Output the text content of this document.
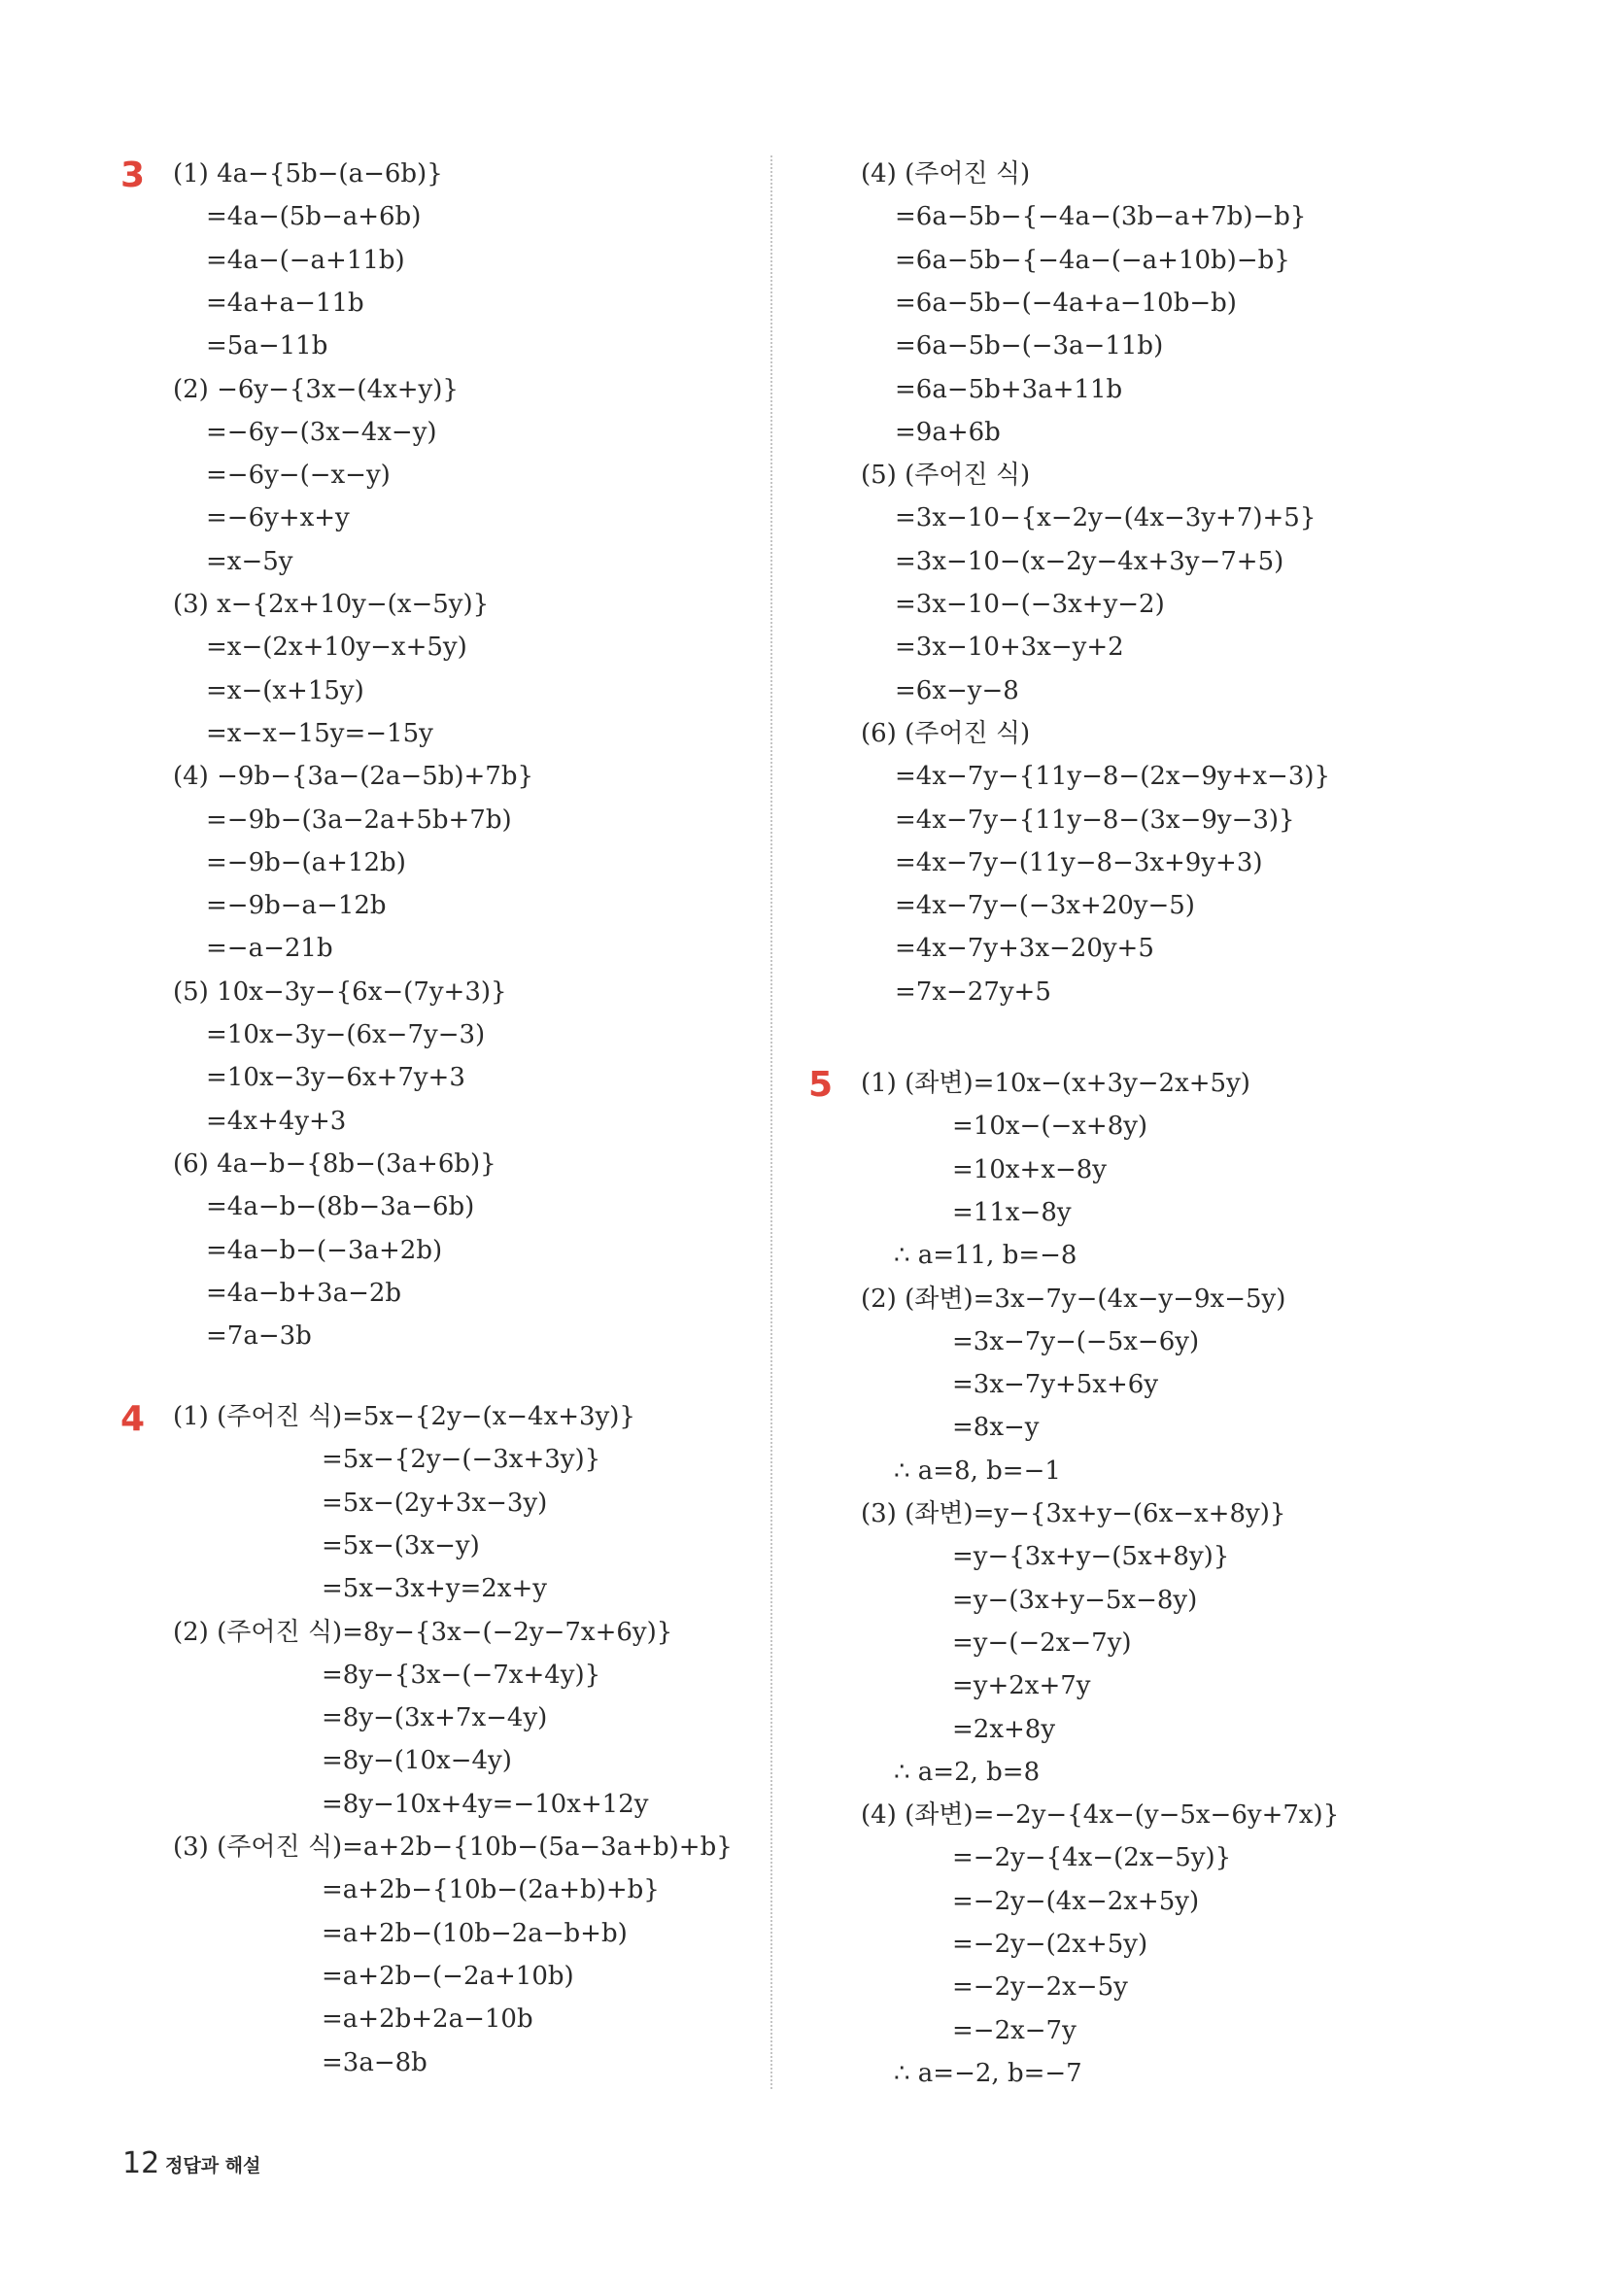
3 (1) 4a−{5b−(a−6b)}
=4a−(5b−a+6b)
=4a−(−a+11b)
=4a+a−11b
=5a−11b
(2) −6y−{3x−(4x+y)}
=−6y−(3x−4x−y)
=−6y−(−x−y)
=−6y+x+y
=x−5y
(3) x−{2x+10y−(x−5y)}
=x−(2x+10y−x+5y)
=x−(x+15y)
=x−x−15y=−15y
(4) −9b−{3a−(2a−5b)+7b}
=−9b−(3a−2a+5b+7b)
=−9b−(a+12b)
=−9b−a−12b
=−a−21b
(5) 10x−3y−{6x−(7y+3)}
=10x−3y−(6x−7y−3)
=10x−3y−6x+7y+3
=4x+4y+3
(6) 4a−b−{8b−(3a+6b)}
=4a−b−(8b−3a−6b)
=4a−b−(−3a+2b)
=4a−b+3a−2b
=7a−3b
4 (1) (주어진 식)=5x−{2y−(x−4x+3y)}
=5x−{2y−(−3x+3y)}
=5x−(2y+3x−3y)
=5x−(3x−y)
=5x−3x+y=2x+y
(2) (주어진 식)=8y−{3x−(−2y−7x+6y)}
=8y−{3x−(−7x+4y)}
=8y−(3x+7x−4y)
=8y−(10x−4y)
=8y−10x+4y=−10x+12y
(3) (주어진 식)=a+2b−{10b−(5a−3a+b)+b}
=a+2b−{10b−(2a+b)+b}
=a+2b−(10b−2a−b+b)
=a+2b−(−2a+10b)
=a+2b+2a−10b
=3a−8b
(4) (주어진 식)
=6a−5b−{−4a−(3b−a+7b)−b}
=6a−5b−{−4a−(−a+10b)−b}
=6a−5b−(−4a+a−10b−b)
=6a−5b−(−3a−11b)
=6a−5b+3a+11b
=9a+6b
(5) (주어진 식)
=3x−10−{x−2y−(4x−3y+7)+5}
=3x−10−(x−2y−4x+3y−7+5)
=3x−10−(−3x+y−2)
=3x−10+3x−y+2
=6x−y−8
(6) (주어진 식)
=4x−7y−{11y−8−(2x−9y+x−3)}
=4x−7y−{11y−8−(3x−9y−3)}
=4x−7y−(11y−8−3x+9y+3)
=4x−7y−(−3x+20y−5)
=4x−7y+3x−20y+5
=7x−27y+5
5 (1) (좌변)=10x−(x+3y−2x+5y)
=10x−(−x+8y)
=10x+x−8y
=11x−8y
∴ a=11, b=−8
(2) (좌변)=3x−7y−(4x−y−9x−5y)
=3x−7y−(−5x−6y)
=3x−7y+5x+6y
=8x−y
∴ a=8, b=−1
(3) (좌변)=y−{3x+y−(6x−x+8y)}
=y−{3x+y−(5x+8y)}
=y−(3x+y−5x−8y)
=y−(−2x−7y)
=y+2x+7y
=2x+8y
∴ a=2, b=8
(4) (좌변)=−2y−{4x−(y−5x−6y+7x)}
=−2y−{4x−(2x−5y)}
=−2y−(4x−2x+5y)
=−2y−(2x+5y)
=−2y−2x−5y
=−2x−7y
∴ a=−2, b=−7
12 정답과 해설
